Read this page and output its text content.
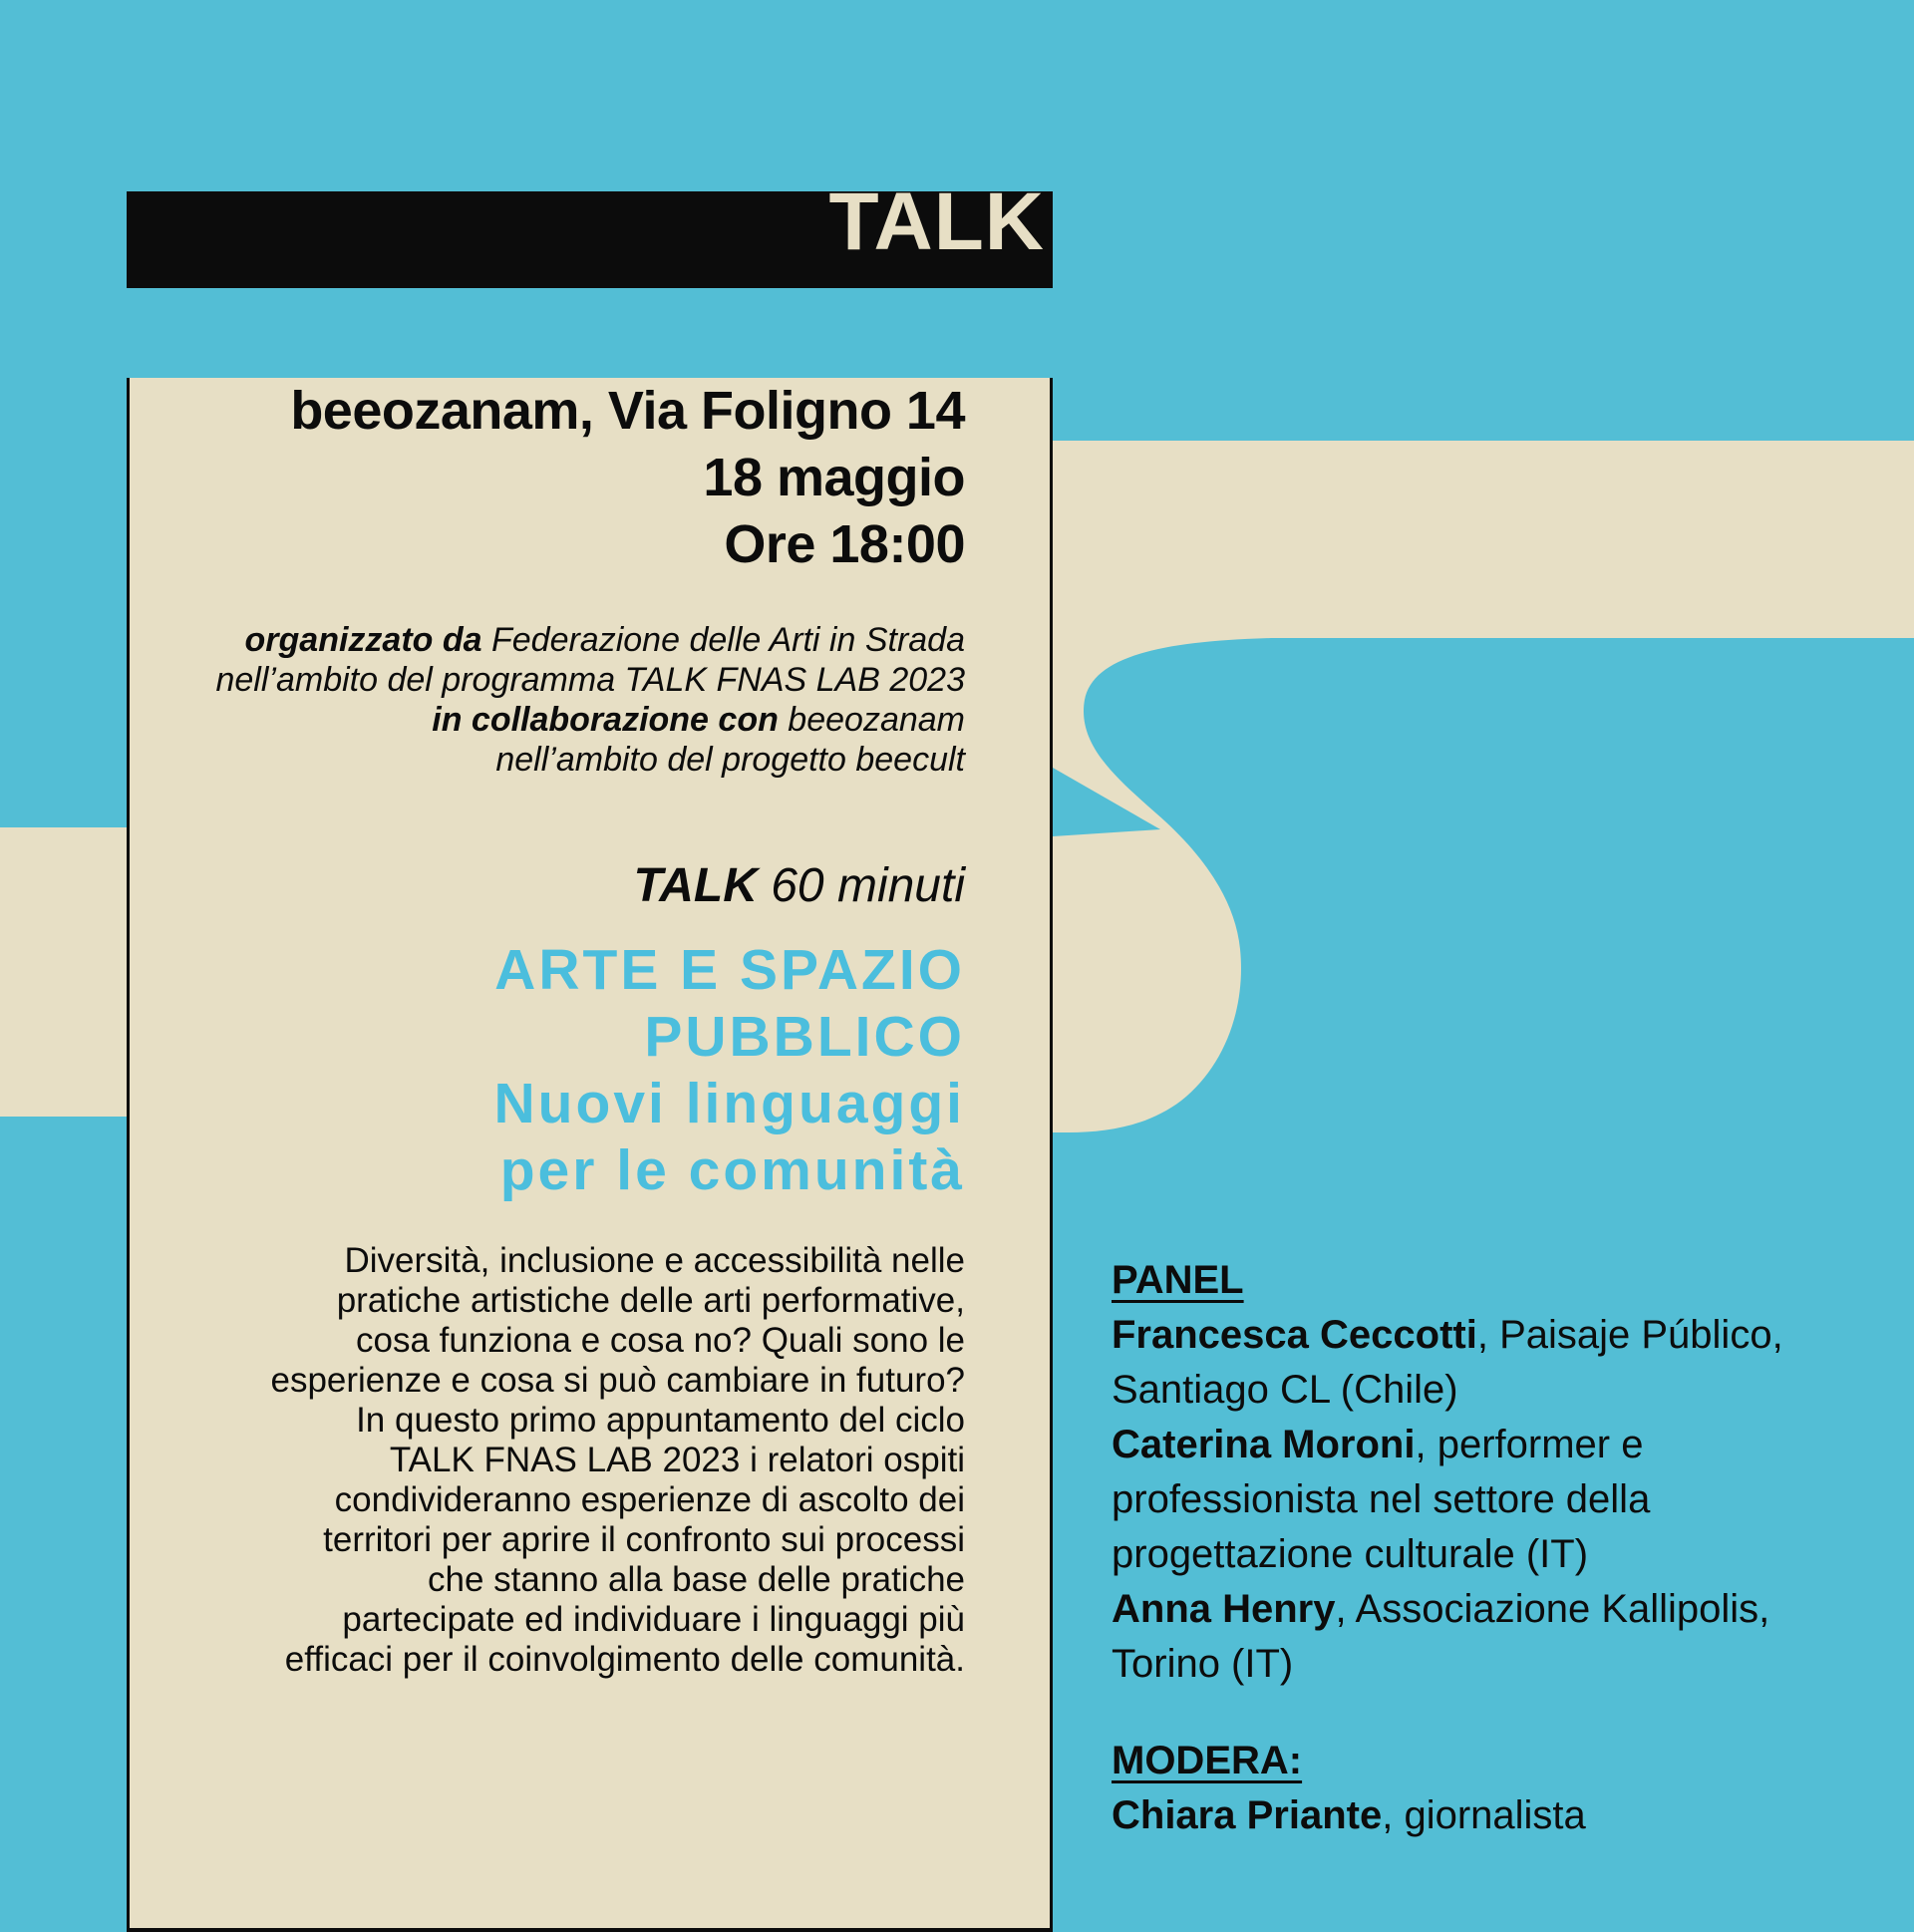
TALK
beeozanam, Via Foligno 14
18 maggio
Ore 18:00
organizzato da Federazione delle Arti in Strada
nell’ambito del programma TALK FNAS LAB 2023
in collaborazione con beeozanam
nell’ambito del progetto beecult
TALK 60 minuti
ARTE E SPAZIO
PUBBLICO
Nuovi linguaggi
per le comunità
Diversità, inclusione e accessibilità nelle
pratiche artistiche delle arti performative,
cosa funziona e cosa no? Quali sono le
esperienze e cosa si può cambiare in futuro?
In questo primo appuntamento del ciclo
TALK FNAS LAB 2023 i relatori ospiti
condivideranno esperienze di ascolto dei
territori per aprire il confronto sui processi
che stanno alla base delle pratiche
partecipate ed individuare i linguaggi più
efficaci per il coinvolgimento delle comunità.
PANEL
Francesca Ceccotti, Paisaje Público, Santiago CL (Chile)
Caterina Moroni, performer e professionista nel settore della progettazione culturale (IT)
Anna Henry, Associazione Kallipolis, Torino (IT)
MODERA:
Chiara Priante, giornalista
